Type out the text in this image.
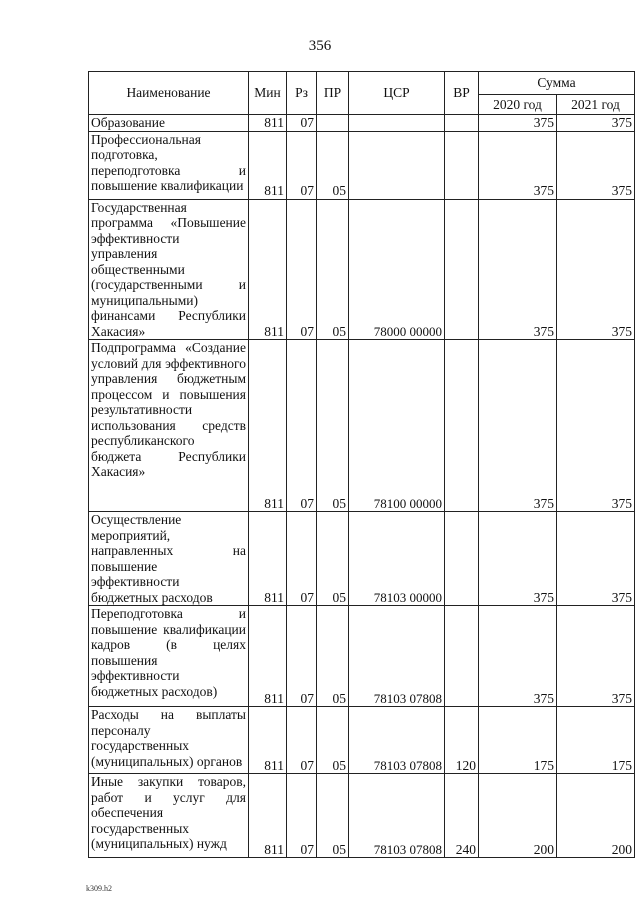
356
Наименование	Мин	Рз	ПР	ЦСР	ВР	Сумма	
						2020 год	2021 год
Образование	811	07				375	375
Профессиональная подготовка, переподготовка и повышение квалификации	811	07	05			375	375
Государственная программа «Повышение эффективности управления общественными (государственными и муниципальными) финансами Республики Хакасия»	811	07	05	78000 00000		375	375
Подпрограмма «Создание условий для эффективного управления бюджетным процессом и повышения результативности использования средств республиканского бюджета Республики Хакасия»	811	07	05	78100 00000		375	375
Осуществление мероприятий, направленных на повышение эффективности бюджетных расходов	811	07	05	78103 00000		375	375
Переподготовка и повышение квалификации кадров (в целях повышения эффективности бюджетных расходов)	811	07	05	78103 07808		375	375
Расходы на выплаты персоналу государственных (муниципальных) органов	811	07	05	78103 07808	120	175	175
Иные закупки товаров, работ и услуг для обеспечения государственных (муниципальных) нужд	811	07	05	78103 07808	240	200	200
k309.h2
